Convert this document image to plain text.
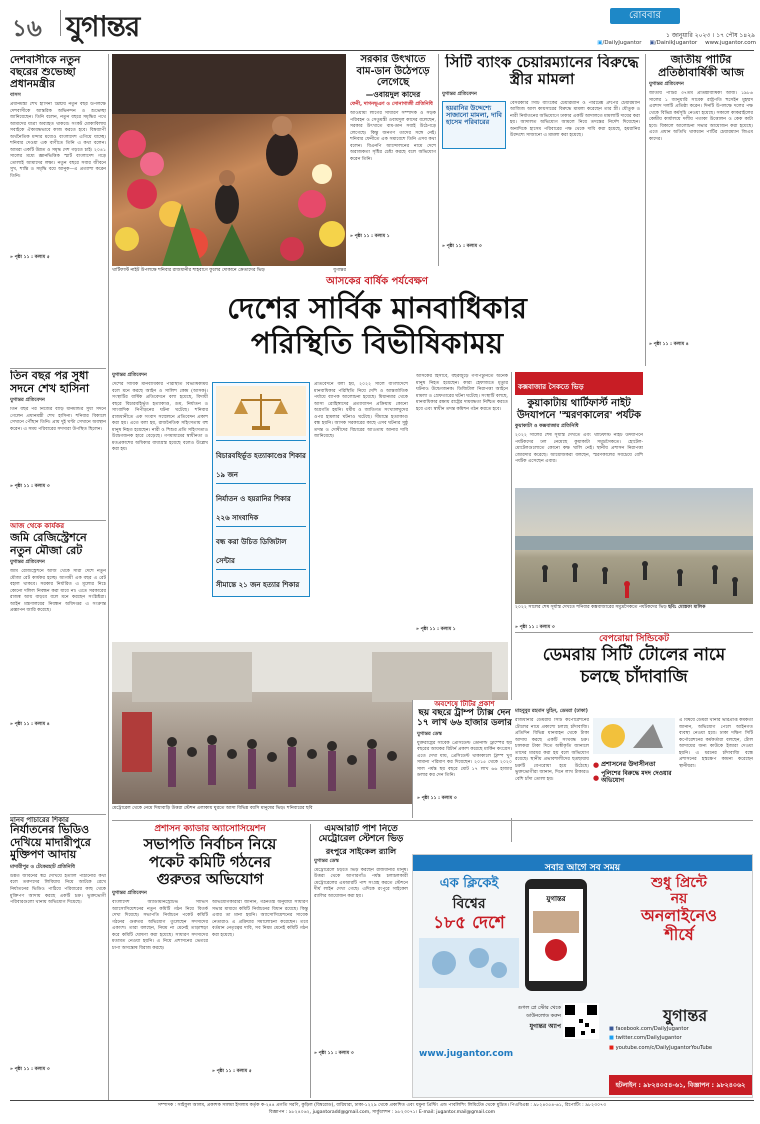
১৬ যুগান্তর	রোববার
১ জানুয়ারি ২০২৩ । ১৭ পৌষ ১৪২৯
▣/DailyJugantor ▣/DainikJugantor www.jugantor.com
দেশবাসীকে নতুন বছরের শুভেচ্ছা প্রধানমন্ত্রীর
বাসস
প্রধানমন্ত্রী শেখ হাসিনা খ্রিষ্টীয় নতুন বছর উপলক্ষে দেশবাসীকে আন্তরিক অভিনন্দন ও শুভেচ্ছা জানিয়েছেন। তিনি বলেন, নতুন বছরে সমৃদ্ধির পথে আমাদের যাত্রা অব্যাহত থাকবে। সংকট মোকাবিলায় সবাইকে ঐক্যবদ্ধভাবে কাজ করতে হবে। বিশ্বব্যাপী অর্থনৈতিক মন্দার মধ্যেও বাংলাদেশ এগিয়ে যাচ্ছে। শনিবার দেওয়া এক বাণীতে তিনি এ কথা বলেন। আমরা একটি উন্নত ও সমৃদ্ধ দেশ গড়তে চাই। ২০৪১ সালের মধ্যে জ্ঞানভিত্তিক স্মার্ট বাংলাদেশ গড়ে তোলাই আমাদের লক্ষ্য। নতুন বছরে সবার জীবনে সুখ, শান্তি ও সমৃদ্ধি বয়ে আনুক—এ প্রত্যাশা করেন তিনি।
» পৃষ্ঠা ১১ : কলাম ৫
তিন বছর পর সুধা সদনে শেখ হাসিনা
যুগান্তর প্রতিবেদন
তিন বছর পর নিজের বাড়ি ধানমন্ডির সুধা সদনে গেলেন প্রধানমন্ত্রী শেখ হাসিনা। শনিবার বিকালে সেখানে পৌঁছান তিনি। প্রায় দুই ঘণ্টা সেখানে অবস্থান করেন। এ সময় পরিবারের সদস্যরা উপস্থিত ছিলেন।
» পৃষ্ঠা ১১ : কলাম ৩
আজ থেকে কার্যকর
জমি রেজিস্ট্রেশনে নতুন মৌজা রেট
যুগান্তর প্রতিবেদন
জমি রেজিস্ট্রেশনে আজ থেকে সারা দেশে নতুন মৌজা রেট কার্যকর হচ্ছে। আগামী এক বছর এ রেট বহাল থাকবে। সরকার নির্ধারিত এ মূল্যের নিচে কোনো দলিল নিবন্ধন করা যাবে না। এতে সরকারের রাজস্ব আয় বাড়বে বলে মনে করছেন সংশ্লিষ্টরা। আইন মন্ত্রণালয়ের নিবন্ধন অধিদপ্তর এ সংক্রান্ত প্রজ্ঞাপন জারি করেছে।
» পৃষ্ঠা ১১ : কলাম ৪
মানব পাচারের শিকার
নির্যাতনের ভিডিও দেখিয়ে মাদারীপুরে মুক্তিপণ আদায়
মাদারীপুর ও টেকেরহাট প্রতিনিধি
উন্নত জীবনের স্বপ্ন দেখিয়ে ইতালি পাঠানোর কথা বলে তরুণদের লিবিয়ায় নিয়ে আটকে রেখে নির্যাতনের ভিডিও পাঠিয়ে পরিবারের কাছ থেকে মুক্তিপণ আদায় করছে একটি চক্র। ভুক্তভোগী পরিবারগুলো থানায় অভিযোগ দিয়েছে।
» পৃষ্ঠা ১১ : কলাম ৩
থার্টিফার্স্ট নাইট উপলক্ষে শনিবার রাজধানীর শাহবাগে ফুলের দোকানে ক্রেতাদের ভিড়	যুগান্তর
সরকার উৎখাতে বাম-ডান উঠেপড়ে লেগেছে
—ওবায়দুল কাদের
ফেনী, দাগনভূঞা ও সোনাগাজী প্রতিনিধি
আওয়ামী লীগের সাধারণ সম্পাদক ও সড়ক পরিবহন ও সেতুমন্ত্রী ওবায়দুল কাদের বলেছেন, সরকার উৎখাতে বাম-ডান সবাই উঠেপড়ে লেগেছে। কিন্তু জনগণ তাদের সঙ্গে নেই। শনিবার ফেনীতে এক সমাবেশে তিনি এসব কথা বলেন। বিএনপি আন্দোলনের নামে দেশে অরাজকতা সৃষ্টির চেষ্টা করছে বলে অভিযোগ করেন তিনি।
» পৃষ্ঠা ১১ : কলাম ১
সিটি ব্যাংক চেয়ারম্যানের বিরুদ্ধে স্ত্রীর মামলা
যুগান্তর প্রতিবেদন
হয়রানির উদ্দেশ্যে সাজানো মামলা, দাবি হাসেম পরিবারের
বেসরকারি সিটি ব্যাংকের চেয়ারম্যান ও পারটেক্স গ্রুপের চেয়ারম্যান আজিজ আল কায়সারের বিরুদ্ধে মামলা করেছেন তার স্ত্রী। যৌতুক ও নারী নির্যাতনের অভিযোগে ঢাকার একটি আদালতে মামলাটি দায়ের করা হয়। আদালত অভিযোগ আমলে নিয়ে তদন্তের নির্দেশ দিয়েছেন। অন্যদিকে হাসেম পরিবারের পক্ষ থেকে দাবি করা হয়েছে, হয়রানির উদ্দেশ্যে সাজানো এ মামলা করা হয়েছে।
» পৃষ্ঠা ১১ : কলাম ৩
জাতীয় পার্টির প্রতিষ্ঠাবার্ষিকী আজ
যুগান্তর প্রতিবেদন
জাতীয় পার্টির ৩৭তম প্রতিষ্ঠাবার্ষিকী আজ। ১৯৮৬ সালের ১ জানুয়ারি সাবেক রাষ্ট্রপতি হুসেইন মুহম্মদ এরশাদ দলটি প্রতিষ্ঠা করেন। দিনটি উপলক্ষে দলের পক্ষ থেকে বিভিন্ন কর্মসূচি নেওয়া হয়েছে। সকালে কাকরাইলের কেন্দ্রীয় কার্যালয়ে দলীয় পতাকা উত্তোলন ও কেক কাটা হবে। বিকালে আলোচনা সভার আয়োজন করা হয়েছে। এতে প্রধান অতিথি থাকবেন পার্টির চেয়ারম্যান জিএম কাদের।
» পৃষ্ঠা ১১ : কলাম ৪
আসকের বার্ষিক পর্যবেক্ষণ
দেশের সার্বিক মানবাধিকার
পরিস্থিতি বিভীষিকাময়
যুগান্তর প্রতিবেদন
দেশের সার্বিক মানবাধিকার পরিস্থিতি বিভীষিকাময় বলে মনে করছে আইন ও সালিশ কেন্দ্র (আসক)। সংস্থাটির বার্ষিক প্রতিবেদনে বলা হয়েছে, বিদায়ী বছরে বিচারবহির্ভূত হত্যাকাণ্ড, গুম, নির্যাতন ও সাংবাদিক নিপীড়নের ঘটনা ঘটেছে। শনিবার রাজধানীতে এক সংবাদ সম্মেলনে প্রতিবেদন প্রকাশ করা হয়। এতে বলা হয়, রাজনৈতিক সহিংসতায় বহু মানুষ নিহত হয়েছেন। নারী ও শিশুর প্রতি সহিংসতাও উদ্বেগজনক হারে বেড়েছে। গণমাধ্যমের স্বাধীনতা ও মতপ্রকাশের অধিকার বাধাগ্রস্ত হয়েছে বলেও উল্লেখ করা হয়।
বিচারবহির্ভূত হত্যাকাণ্ডের শিকার ১৯ জন
নির্যাতন ও হয়রানির শিকার ২২৬ সাংবাদিক
বন্ধ করা উচিত ডিজিটাল সেন্টার
সীমান্তে ২১ জন হত্যার শিকার
প্রতিবেদনে বলা হয়, ২০২২ সালে বাংলাদেশে মানবাধিকার পরিস্থিতি নিয়ে দেশি ও আন্তর্জাতিক পর্যায়ে ব্যাপক আলোচনা হয়েছে। মিয়ানমার থেকে আসা রোহিঙ্গাদের প্রত্যাবাসন প্রক্রিয়ায় কোনো অগ্রগতি হয়নি। ধর্মীয় ও জাতিগত সংখ্যালঘুদের ওপর হামলার ঘটনাও ঘটেছে। সীমান্তে হত্যাকাণ্ড বন্ধ হয়নি। আসক সরকারের কাছে এসব ঘটনার সুষ্ঠু তদন্ত ও দোষীদের বিচারের আওতায় আনার দাবি জানিয়েছে।
আসকের হিসাবে, বছরজুড়ে গণপিটুনিতে অনেক মানুষ নিহত হয়েছেন। কারা হেফাজতে মৃত্যুর ঘটনাও উদ্বেগজনক। ডিজিটাল নিরাপত্তা আইনে মামলা ও গ্রেফতারের ঘটনা ঘটেছে। সংস্থাটি বলছে, মানবাধিকার রক্ষায় রাষ্ট্রের দায়বদ্ধতা নিশ্চিত করতে হবে এবং স্বাধীন তদন্ত কমিশন গঠন করতে হবে।
» পৃষ্ঠা ১১ : কলাম ১
কক্সবাজার সৈকতে ভিড়
কুয়াকাটায় থার্টিফার্স্ট নাইট উদযাপনে 'স্মরণকালের' পর্যটক
কুয়াকাটা ও কক্সবাজার প্রতিনিধি
২০২২ সালের শেষ সূর্যাস্ত দেখতে এবং থার্টিফার্স্ট নাইট উদযাপনে পর্যটকদের ঢল নেমেছে কুয়াকাটা সমুদ্রসৈকতে। হোটেল-মোটেলগুলোতে কোনো কক্ষ খালি নেই। স্থানীয় প্রশাসন নিরাপত্তা জোরদার করেছে। আয়োজকরা বলছেন, স্মরণকালের সবচেয়ে বেশি পর্যটক এসেছেন এবার।
২০২২ সালের শেষ সূর্যাস্ত দেখতে শনিবার কক্সবাজারের সমুদ্রসৈকতে পর্যটকদের ভিড় ছবি: মোস্তফা মালিক
» পৃষ্ঠা ১১ : কলাম ৩
মেট্রোরেল থেকে নেমে দিয়াবাড়ি উত্তরা স্টেশন এলাকায় ঘুরতে আসা বিভিন্ন বয়সি মানুষের ভিড়। শনিবারের ছবি
বেপরোয়া সিন্ডিকেট
ডেমরায় সিটি টোলের নামে
চলছে চাঁদাবাজি
প্রশাসন ক্যাডার অ্যাসোসিয়েশন
সভাপতি নির্বাচন নিয়ে
পকেট কমিটি গঠনের
গুরুতর অভিযোগ
যুগান্তর প্রতিবেদন
বাংলাদেশ অ্যাডমিনিস্ট্রেটিভ সার্ভিস অ্যাসোসিয়েশনের নতুন কমিটি গঠন নিয়ে বিতর্ক দেখা দিয়েছে। সভাপতি নির্বাচনে পকেট কমিটি গঠনের গুরুতর অভিযোগ তুলেছেন সদস্যদের একাংশ। তারা বলছেন, নিয়ম না মেনেই তাড়াহুড়া করে কমিটি ঘোষণা করা হয়েছে। সাধারণ সদস্যদের মতামত নেওয়া হয়নি। এ নিয়ে প্রশাসনের ভেতরে চাপা অসন্তোষ বিরাজ করছে।
অভিযোগকারীরা জানান, গঠনতন্ত্র অনুযায়ী সাধারণ সভার মাধ্যমে কমিটি নির্বাচনের বিধান রয়েছে। কিন্তু এবার তা মানা হয়নি। অ্যাসোসিয়েশনের সাবেক নেতারাও এ প্রক্রিয়ার সমালোচনা করেছেন। তবে বর্তমান নেতৃত্বের দাবি, সব নিয়ম মেনেই কমিটি গঠন করা হয়েছে।
» পৃষ্ঠা ১১ : কলাম ৫
এমআরটি পাশ নিতে মেট্রোরেল স্টেশনে ভিড়
রংপুরে সাইকেল র‌্যালি
যুগান্তর ডেস্ক
মেট্রোরেলে চড়তে ভিড় করছেন রাজধানীর মানুষ। উত্তরা থেকে আগারগাঁও পর্যন্ত চলাচলকারী মেট্রোরেলের এমআরটি পাশ সংগ্রহ করতে স্টেশনে দীর্ঘ লাইন দেখা গেছে। এদিকে রংপুরে সাইকেল র‌্যালির আয়োজন করা হয়।
» পৃষ্ঠা ১১ : কলাম ৩
সবার আগে সব সময়
এক ক্লিকেই
বিশ্বের
১৮৫ দেশে
যুগান্তর
গুগল প্লে স্টোর থেকে ডাউনলোড করুন
যুগান্তর অ্যাপ
www.jugantor.com
শুধু প্রিন্টে
নয়
অনলাইনেও
শীর্ষে
যুগান্তর
■ facebook.com/DailyJugantor
■ twitter.com/DailyJugantor
■ youtube.com/c/DailyJugantorYouTube
হটলাইন : ৯৮২৪০৫৪-৬১, বিজ্ঞাপন : ৯৮২৪০৬২
মাহবুবুর রহমান মুহিন, ডেমরা (ঢাকা)
রাজধানীর ডেমরায় সিটি কর্পোরেশনের টোলের নামে প্রকাশ্যে চলছে চাঁদাবাজি। প্রতিদিন বিভিন্ন যানবাহন থেকে টাকা আদায় করছে একটি সংঘবদ্ধ চক্র। চালকরা টাকা দিতে অস্বীকৃতি জানালে তাদের মারধর করা হয় বলে অভিযোগ রয়েছে। স্থানীয় প্রভাবশালীদের ছত্রছায়ায় চক্রটি বেপরোয়া হয়ে উঠেছে। ভুক্তভোগীরা জানান, দিনে লাখ টাকারও বেশি চাঁদা তোলা হয়।
● প্রশাসনের উদাসীনতা
●
পুলিশের বিরুদ্ধে মদদ দেওয়ার অভিযোগ
এ বিষয়ে ডেমরা থানার ভারপ্রাপ্ত কর্মকর্তা জানান, অভিযোগ পেলে আইনগত ব্যবস্থা নেওয়া হবে। ঢাকা দক্ষিণ সিটি কর্পোরেশনের কর্মকর্তারা বলছেন, টোল আদায়ের জন্য কাউকে ইজারা দেওয়া হয়নি। এ ধরনের চাঁদাবাজি বন্ধে প্রশাসনের হস্তক্ষেপ কামনা করেছেন স্থানীয়রা।
সম্পাদক : সাইফুল আলম, প্রকাশক সালমা ইসলাম কর্তৃক ক-২৪৪ প্রগতি সরণি, কুড়িল (বিশ্বরোড), বারিধারা, ঢাকা-১২২৯ থেকে প্রকাশিত এবং যমুনা প্রিন্টিং এন্ড পাবলিশিং লিমিটেড থেকে মুদ্রিত। পিএবিএক্স : ৯৮২৪০৫৪-৬১, রিপোর্টিং : ৯৮২৩০৭৩
বিজ্ঞাপন : ৯৮২৪০৬২, jugantoradd@gmail.com, সার্কুলেশন : ৯৮২৩০৭১। E-mail: jugantor.mail@gmail.com
অবশেষে টিটির প্রকাশ
ছয় বছরে ট্রাম্প ট্যাক্স দেন ১৭ লাখ ৬৬ হাজার ডলার
যুগান্তর ডেস্ক
যুক্তরাষ্ট্রের সাবেক প্রেসিডেন্ট ডোনাল্ড ট্রাম্পের ছয় বছরের আয়কর রিটার্ন প্রকাশ করেছে মার্কিন কংগ্রেস। এতে দেখা যায়, প্রেসিডেন্ট থাকাকালে ট্রাম্প খুব সামান্য পরিমাণ কর দিয়েছেন। ২০১৫ থেকে ২০২০ সাল পর্যন্ত ছয় বছরে মোট ১৭ লাখ ৬৬ হাজার ডলার কর দেন তিনি।
» পৃষ্ঠা ১১ : কলাম ৩
